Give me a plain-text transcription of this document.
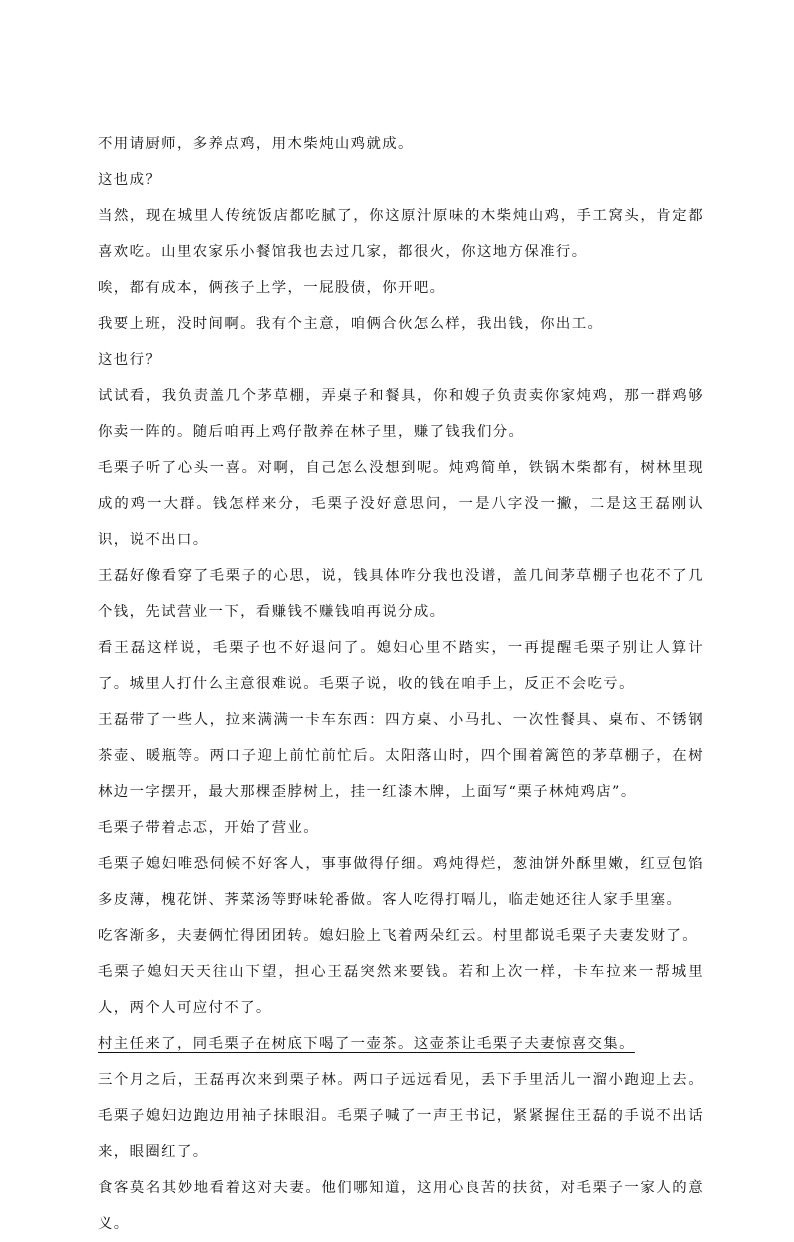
不用请厨师，多养点鸡，用木柴炖山鸡就成。

这也成？

当然，现在城里人传统饭店都吃腻了，你这原汁原味的木柴炖山鸡，手工窝头，肯定都喜欢吃。山里农家乐小餐馆我也去过几家，都很火，你这地方保准行。

唉，都有成本，俩孩子上学，一屁股债，你开吧。

我要上班，没时间啊。我有个主意，咱俩合伙怎么样，我出钱，你出工。

这也行？

试试看，我负责盖几个茅草棚，弄桌子和餐具，你和嫂子负责卖你家炖鸡，那一群鸡够你卖一阵的。随后咱再上鸡仔散养在林子里，赚了钱我们分。

毛栗子听了心头一喜。对啊，自己怎么没想到呢。炖鸡简单，铁锅木柴都有，树林里现成的鸡一大群。钱怎样来分，毛栗子没好意思问，一是八字没一撇，二是这王磊刚认识，说不出口。

王磊好像看穿了毛栗子的心思，说，钱具体咋分我也没谱，盖几间茅草棚子也花不了几个钱，先试营业一下，看赚钱不赚钱咱再说分成。

看王磊这样说，毛栗子也不好退问了。媳妇心里不踏实，一再提醒毛栗子别让人算计了。城里人打什么主意很难说。毛栗子说，收的钱在咱手上，反正不会吃亏。

王磊带了一些人，拉来满满一卡车东西：四方桌、小马扎、一次性餐具、桌布、不锈钢茶壶、暖瓶等。两口子迎上前忙前忙后。太阳落山时，四个围着篱笆的茅草棚子，在树林边一字摆开，最大那棵歪脖树上，挂一红漆木牌，上面写“栗子林炖鸡店”。

毛栗子带着忐忑，开始了营业。

毛栗子媳妇唯恐伺候不好客人，事事做得仔细。鸡炖得烂，葱油饼外酥里嫩，红豆包馅多皮薄，槐花饼、荠菜汤等野味轮番做。客人吃得打嗝儿，临走她还往人家手里塞。

吃客渐多，夫妻俩忙得团团转。媳妇脸上飞着两朵红云。村里都说毛栗子夫妻发财了。

毛栗子媳妇天天往山下望，担心王磊突然来要钱。若和上次一样，卡车拉来一帮城里人，两个人可应付不了。

村主任来了，同毛栗子在树底下喝了一壶茶。这壶茶让毛栗子夫妻惊喜交集。

三个月之后，王磊再次来到栗子林。两口子远远看见，丢下手里活儿一溜小跑迎上去。毛栗子媳妇边跑边用袖子抹眼泪。毛栗子喊了一声王书记，紧紧握住王磊的手说不出话来，眼圈红了。

食客莫名其妙地看着这对夫妻。他们哪知道，这用心良苦的扶贫，对毛栗子一家人的意义。
